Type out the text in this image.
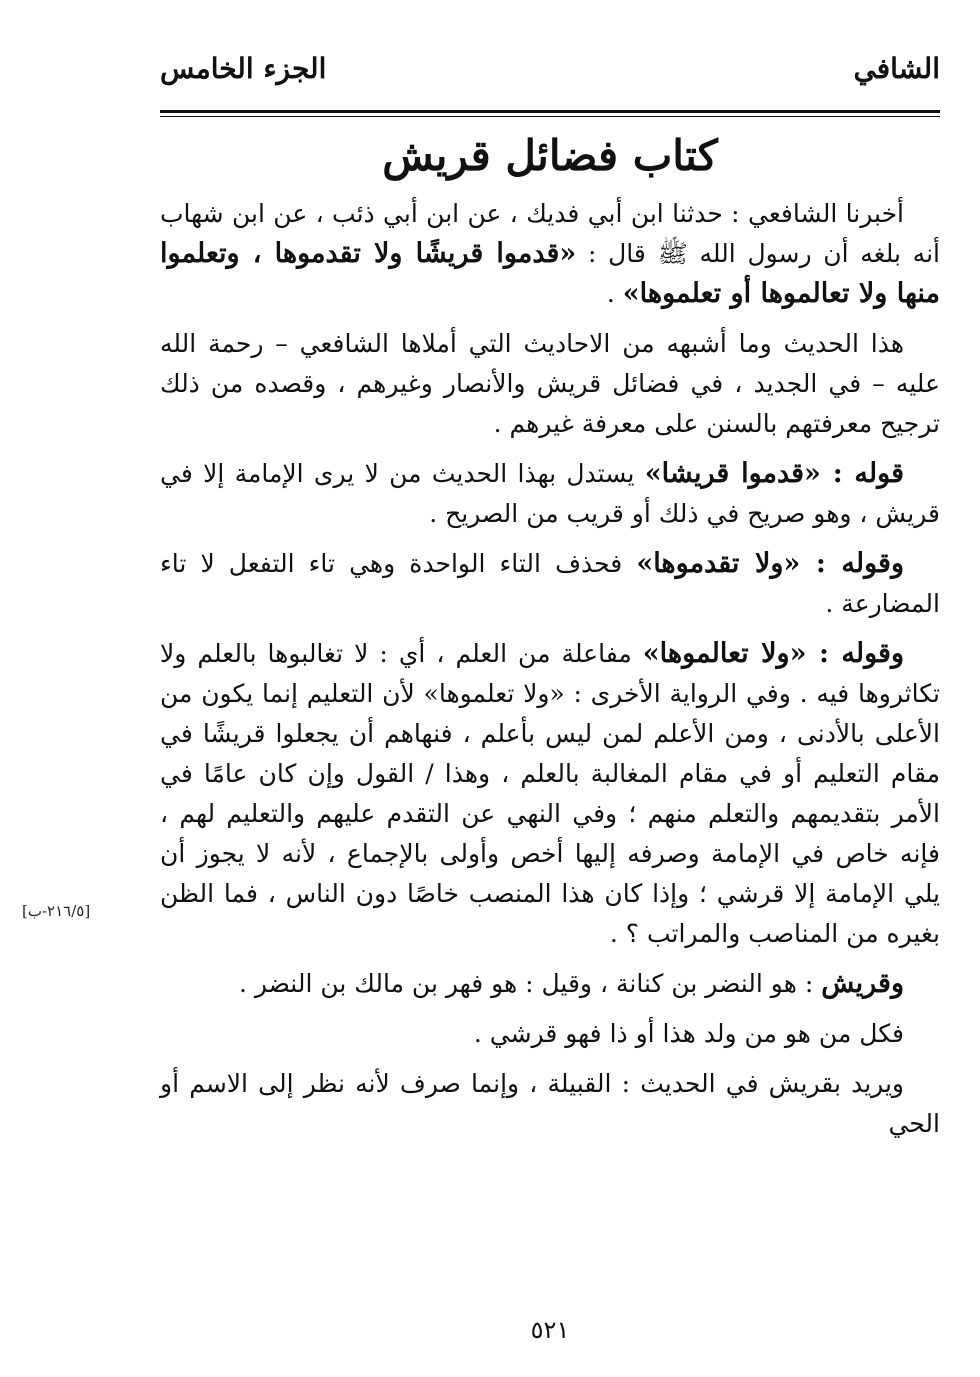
الشافي
الجزء الخامس
كتاب فضائل قريش

أخبرنا الشافعي : حدثنا ابن أبي فديك ، عن ابن أبي ذئب ، عن ابن شهاب أنه بلغه أن رسول الله ﷺ قال : «قدموا قريشًا ولا تقدموها ، وتعلموا منها ولا تعالموها أو تعلموها» .

هذا الحديث وما أشبهه من الاحاديث التي أملاها الشافعي – رحمة الله عليه – في الجديد ، في فضائل قريش والأنصار وغيرهم ، وقصده من ذلك ترجيح معرفتهم بالسنن على معرفة غيرهم .

قوله : «قدموا قريشا» يستدل بهذا الحديث من لا يرى الإمامة إلا في قريش ، وهو صريح في ذلك أو قريب من الصريح .

وقوله : «ولا تقدموها» فحذف التاء الواحدة وهي تاء التفعل لا تاء المضارعة .

وقوله : «ولا تعالموها» مفاعلة من العلم ، أي : لا تغالبوها بالعلم ولا تكاثروها فيه . وفي الرواية الأخرى : «ولا تعلموها» لأن التعليم إنما يكون من الأعلى بالأدنى ، ومن الأعلم لمن ليس بأعلم ، فنهاهم أن يجعلوا قريشًا في مقام التعليم أو في مقام المغالبة بالعلم ، وهذا / القول وإن كان عامًا في الأمر بتقديمهم والتعلم منهم ؛ وفي النهي عن التقدم عليهم والتعليم لهم ، فإنه خاص في الإمامة وصرفه إليها أخص وأولى بالإجماع ، لأنه لا يجوز أن يلي الإمامة إلا قرشي ؛ وإذا كان هذا المنصب خاصًا دون الناس ، فما الظن بغيره من المناصب والمراتب ؟ .

وقريش : هو النضر بن كنانة ، وقيل : هو فهر بن مالك بن النضر .

فكل من هو من ولد هذا أو ذا فهو قرشي .

ويريد بقريش في الحديث : القبيلة ، وإنما صرف لأنه نظر إلى الاسم أو الحي

[٢١٦/٥-ب]
٥٢١
